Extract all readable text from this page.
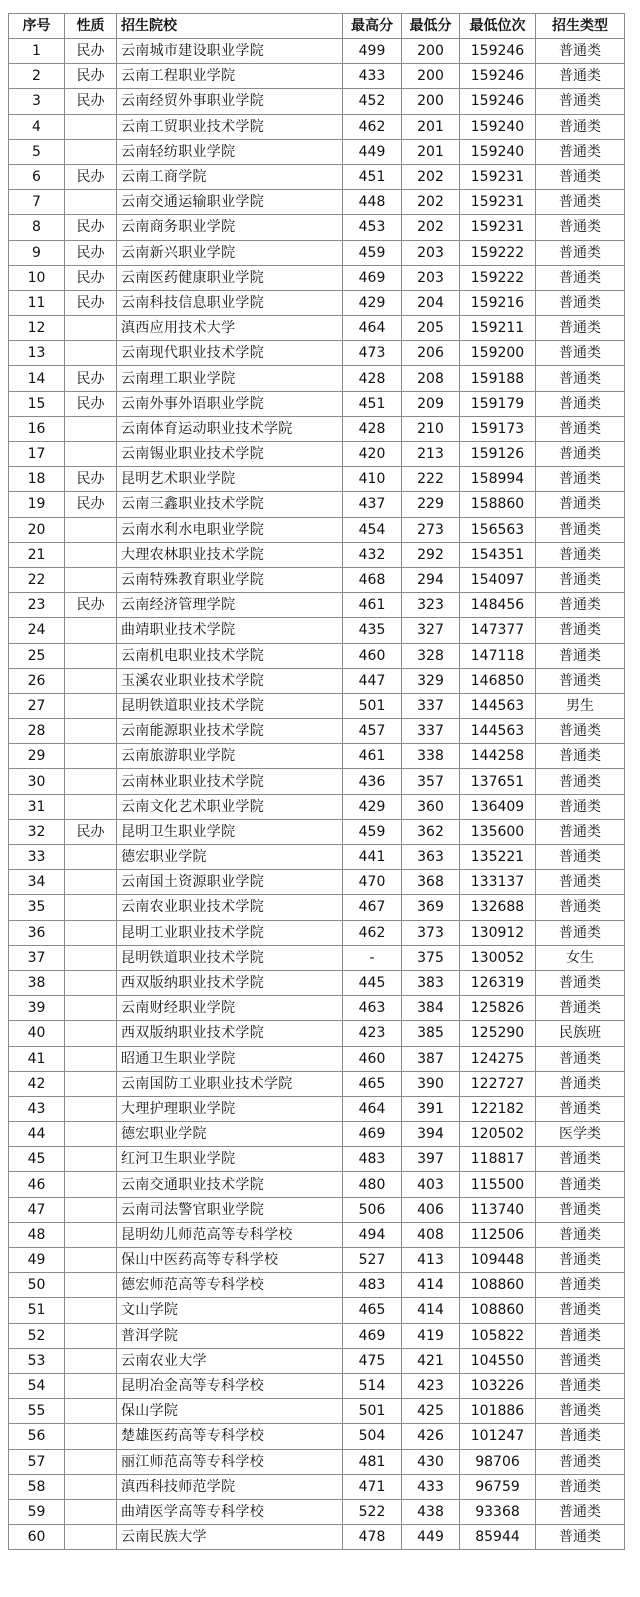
序号	性质	招生院校	最高分	最低分	最低位次	招生类型
1	民办	云南城市建设职业学院	499	200	159246	普通类
2	民办	云南工程职业学院	433	200	159246	普通类
3	民办	云南经贸外事职业学院	452	200	159246	普通类
4		云南工贸职业技术学院	462	201	159240	普通类
5		云南轻纺职业学院	449	201	159240	普通类
6	民办	云南工商学院	451	202	159231	普通类
7		云南交通运输职业学院	448	202	159231	普通类
8	民办	云南商务职业学院	453	202	159231	普通类
9	民办	云南新兴职业学院	459	203	159222	普通类
10	民办	云南医药健康职业学院	469	203	159222	普通类
11	民办	云南科技信息职业学院	429	204	159216	普通类
12		滇西应用技术大学	464	205	159211	普通类
13		云南现代职业技术学院	473	206	159200	普通类
14	民办	云南理工职业学院	428	208	159188	普通类
15	民办	云南外事外语职业学院	451	209	159179	普通类
16		云南体育运动职业技术学院	428	210	159173	普通类
17		云南锡业职业技术学院	420	213	159126	普通类
18	民办	昆明艺术职业学院	410	222	158994	普通类
19	民办	云南三鑫职业技术学院	437	229	158860	普通类
20		云南水利水电职业学院	454	273	156563	普通类
21		大理农林职业技术学院	432	292	154351	普通类
22		云南特殊教育职业学院	468	294	154097	普通类
23	民办	云南经济管理学院	461	323	148456	普通类
24		曲靖职业技术学院	435	327	147377	普通类
25		云南机电职业技术学院	460	328	147118	普通类
26		玉溪农业职业技术学院	447	329	146850	普通类
27		昆明铁道职业技术学院	501	337	144563	男生
28		云南能源职业技术学院	457	337	144563	普通类
29		云南旅游职业学院	461	338	144258	普通类
30		云南林业职业技术学院	436	357	137651	普通类
31		云南文化艺术职业学院	429	360	136409	普通类
32	民办	昆明卫生职业学院	459	362	135600	普通类
33		德宏职业学院	441	363	135221	普通类
34		云南国土资源职业学院	470	368	133137	普通类
35		云南农业职业技术学院	467	369	132688	普通类
36		昆明工业职业技术学院	462	373	130912	普通类
37		昆明铁道职业技术学院	-	375	130052	女生
38		西双版纳职业技术学院	445	383	126319	普通类
39		云南财经职业学院	463	384	125826	普通类
40		西双版纳职业技术学院	423	385	125290	民族班
41		昭通卫生职业学院	460	387	124275	普通类
42		云南国防工业职业技术学院	465	390	122727	普通类
43		大理护理职业学院	464	391	122182	普通类
44		德宏职业学院	469	394	120502	医学类
45		红河卫生职业学院	483	397	118817	普通类
46		云南交通职业技术学院	480	403	115500	普通类
47		云南司法警官职业学院	506	406	113740	普通类
48		昆明幼儿师范高等专科学校	494	408	112506	普通类
49		保山中医药高等专科学校	527	413	109448	普通类
50		德宏师范高等专科学校	483	414	108860	普通类
51		文山学院	465	414	108860	普通类
52		普洱学院	469	419	105822	普通类
53		云南农业大学	475	421	104550	普通类
54		昆明冶金高等专科学校	514	423	103226	普通类
55		保山学院	501	425	101886	普通类
56		楚雄医药高等专科学校	504	426	101247	普通类
57		丽江师范高等专科学校	481	430	98706	普通类
58		滇西科技师范学院	471	433	96759	普通类
59		曲靖医学高等专科学校	522	438	93368	普通类
60		云南民族大学	478	449	85944	普通类
